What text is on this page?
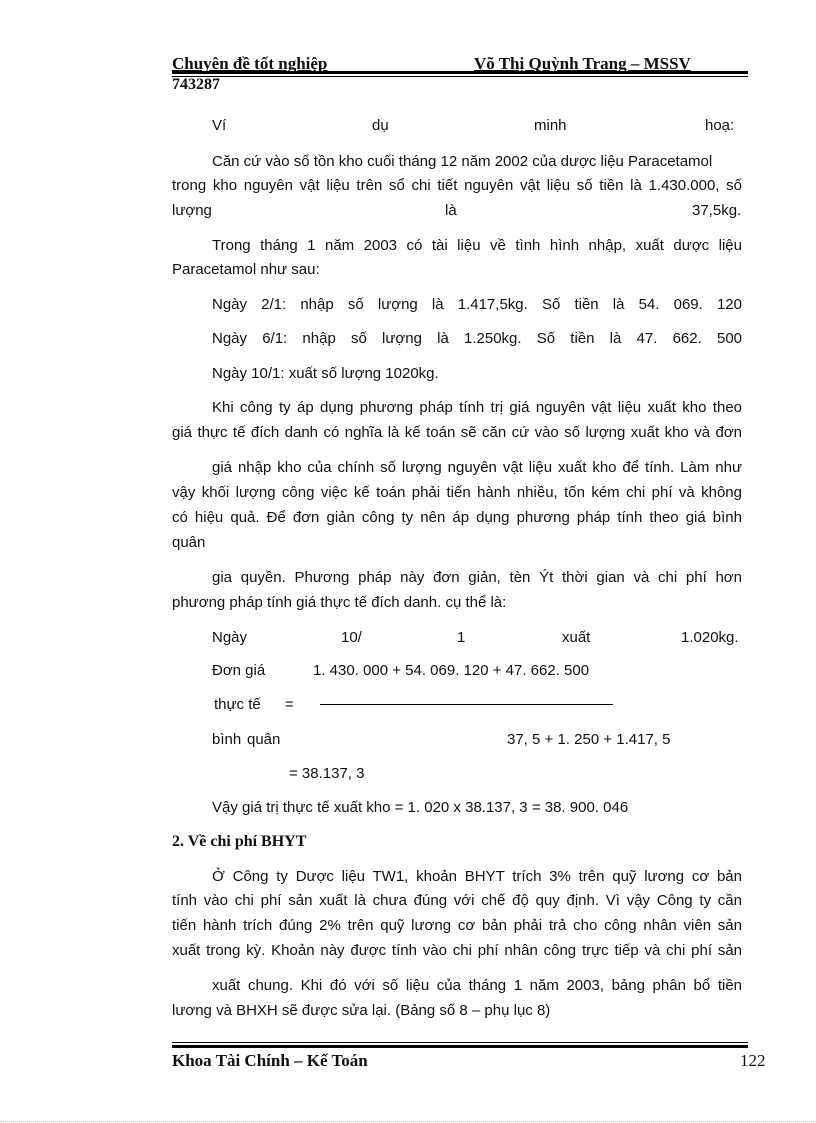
Chuyên đề tốt nghiệp	Võ Thị Quỳnh Trang – MSSV
743287
Ví	dụ	minh	hoạ:
Căn cứ vào số tồn kho cuối tháng 12 năm 2002 của dược liệu Paracetamol
trong kho nguyên vật liệu trên sổ chi tiết nguyên vật liệu số tiền là 1.430.000, số
lượng	là	37,5kg.
Trong tháng 1 năm 2003 có tài liệu về tình hình nhập, xuất dược liệu
Paracetamol như sau:
Ngày 2/1: nhập số lượng là 1.417,5kg. Số tiền là 54. 069. 120
Ngày 6/1: nhập số lượng là 1.250kg. Số tiền là 47. 662. 500
Ngày 10/1: xuất số lượng 1020kg.
Khi công ty áp dụng phương pháp tính trị giá nguyên vật liệu xuất kho theo
giá thực tế đích danh có nghĩa là kế toán sẽ căn cứ vào số lượng xuất kho và đơn
giá nhập kho của chính số lượng nguyên vật liệu xuất kho để tính. Làm như
vậy khối lượng công việc kế toán phải tiến hành nhiều, tốn kém chi phí và không
có hiệu quả. Để đơn giản công ty nên áp dụng phương pháp tính theo giá bình
quân
gia quyền. Phương pháp này đơn giản, tèn Ýt thời gian và chi phí hơn
phương pháp tính giá thực tế đích danh. cụ thể là:
Ngày	10/	1	xuất	1.020kg.
Đơn giá	1. 430. 000 + 54. 069. 120 + 47. 662. 500
thực tế =
bình quân	37, 5 + 1. 250 + 1.417, 5
= 38.137, 3
Vậy giá trị thực tế xuất kho = 1. 020 x 38.137, 3 = 38. 900. 046
2. Về chi phí BHYT
Ở Công ty Dược liệu TW1, khoản BHYT trích 3% trên quỹ lương cơ bản
tính vào chi phí sản xuất là chưa đúng với chế độ quy định. Vì vậy Công ty cần
tiến hành trích đúng 2% trên quỹ lương cơ bản phải trả cho công nhân viên sản
xuất trong kỳ. Khoản này được tính vào chi phí nhân công trực tiếp và chi phí sản
xuất chung. Khi đó với số liệu của tháng 1 năm 2003, bảng phân bổ tiền
lương và BHXH sẽ được sửa lại. (Bảng số 8 – phụ lục 8)
Khoa Tài Chính – Kế Toán	122
